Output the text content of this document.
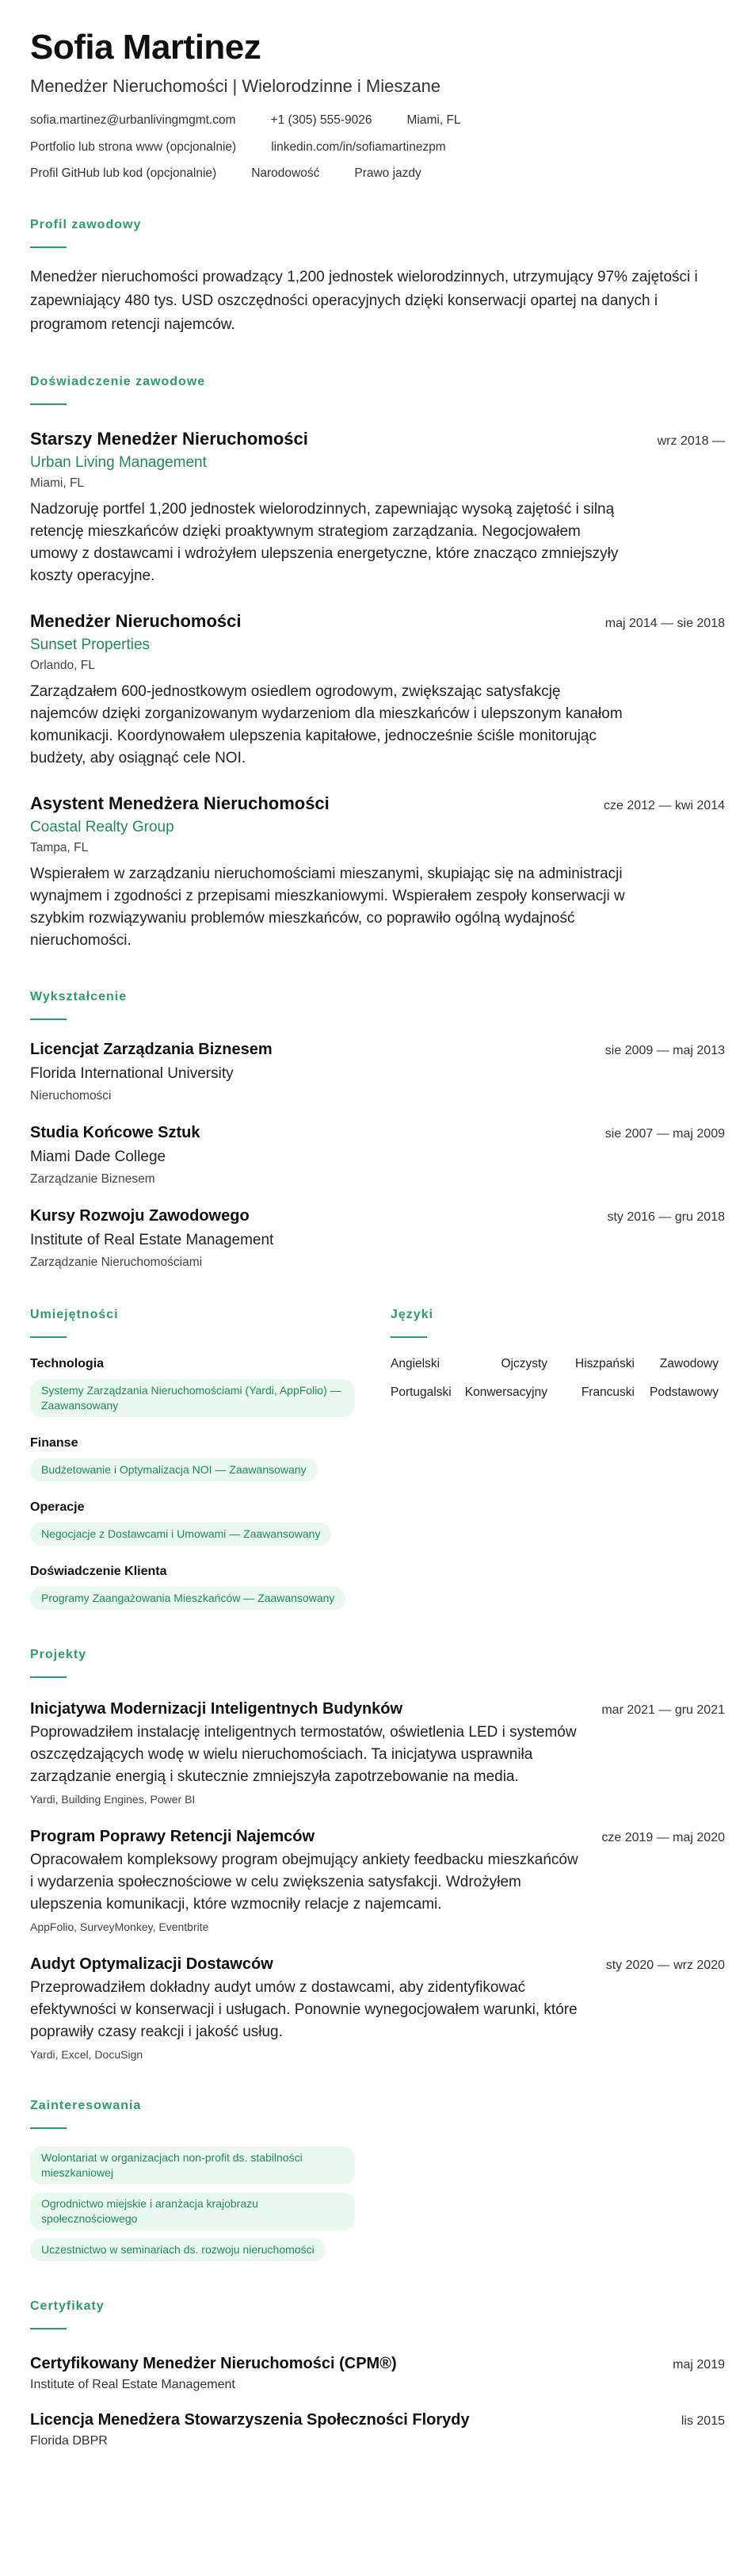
Sofia Martinez
Menedżer Nieruchomości | Wielorodzinne i Mieszane
sofia.martinez@urbanlivingmgmt.com	+1 (305) 555-9026	Miami, FL
Portfolio lub strona www (opcjonalnie)	linkedin.com/in/sofiamartinezpm
Profil GitHub lub kod (opcjonalnie)	Narodowość	Prawo jazdy
Profil zawodowy

Menedżer nieruchomości prowadzący 1,200 jednostek wielorodzinnych, utrzymujący 97% zajętości i zapewniający 480 tys. USD oszczędności operacyjnych dzięki konserwacji opartej na danych i programom retencji najemców.

Doświadczenie zawodowe
Starszy Menedżer Nieruchomości	wrz 2018 —
Urban Living Management
Miami, FL

Nadzoruję portfel 1,200 jednostek wielorodzinnych, zapewniając wysoką zajętość i silną retencję mieszkańców dzięki proaktywnym strategiom zarządzania. Negocjowałem umowy z dostawcami i wdrożyłem ulepszenia energetyczne, które znacząco zmniejszyły koszty operacyjne.

Menedżer Nieruchomości	maj 2014 — sie 2018
Sunset Properties
Orlando, FL

Zarządzałem 600-jednostkowym osiedlem ogrodowym, zwiększając satysfakcję najemców dzięki zorganizowanym wydarzeniom dla mieszkańców i ulepszonym kanałom komunikacji. Koordynowałem ulepszenia kapitałowe, jednocześnie ściśle monitorując budżety, aby osiągnąć cele NOI.

Asystent Menedżera Nieruchomości	cze 2012 — kwi 2014
Coastal Realty Group
Tampa, FL

Wspierałem w zarządzaniu nieruchomościami mieszanymi, skupiając się na administracji wynajmem i zgodności z przepisami mieszkaniowymi. Wspierałem zespoły konserwacji w szybkim rozwiązywaniu problemów mieszkańców, co poprawiło ogólną wydajność nieruchomości.

Wykształcenie
Licencjat Zarządzania Biznesem	sie 2009 — maj 2013
Florida International University
Nieruchomości
Studia Końcowe Sztuk	sie 2007 — maj 2009
Miami Dade College
Zarządzanie Biznesem
Kursy Rozwoju Zawodowego	sty 2016 — gru 2018
Institute of Real Estate Management
Zarządzanie Nieruchomościami
Umiejętności
Technologia
Systemy Zarządzania Nieruchomościami (Yardi, AppFolio) — Zaawansowany
Finanse
Budżetowanie i Optymalizacja NOI — Zaawansowany
Operacje
Negocjacje z Dostawcami i Umowami — Zaawansowany
Doświadczenie Klienta
Programy Zaangażowania Mieszkańców — Zaawansowany
Języki
Angielski	Ojczysty	Hiszpański	Zawodowy
Portugalski	Konwersacyjny	Francuski	Podstawowy
Projekty
Inicjatywa Modernizacji Inteligentnych Budynków	mar 2021 — gru 2021

Poprowadziłem instalację inteligentnych termostatów, oświetlenia LED i systemów oszczędzających wodę w wielu nieruchomościach. Ta inicjatywa usprawniła zarządzanie energią i skutecznie zmniejszyła zapotrzebowanie na media.

Yardi, Building Engines, Power BI
Program Poprawy Retencji Najemców	cze 2019 — maj 2020

Opracowałem kompleksowy program obejmujący ankiety feedbacku mieszkańców i wydarzenia społecznościowe w celu zwiększenia satysfakcji. Wdrożyłem ulepszenia komunikacji, które wzmocniły relacje z najemcami.

AppFolio, SurveyMonkey, Eventbrite
Audyt Optymalizacji Dostawców	sty 2020 — wrz 2020

Przeprowadziłem dokładny audyt umów z dostawcami, aby zidentyfikować efektywności w konserwacji i usługach. Ponownie wynegocjowałem warunki, które poprawiły czasy reakcji i jakość usług.

Yardi, Excel, DocuSign
Zainteresowania
Wolontariat w organizacjach non-profit ds. stabilności mieszkaniowej
Ogrodnictwo miejskie i aranżacja krajobrazu społecznościowego
Uczestnictwo w seminariach ds. rozwoju nieruchomości
Certyfikaty
Certyfikowany Menedżer Nieruchomości (CPM®)	maj 2019
Institute of Real Estate Management
Licencja Menedżera Stowarzyszenia Społeczności Florydy	lis 2015
Florida DBPR
